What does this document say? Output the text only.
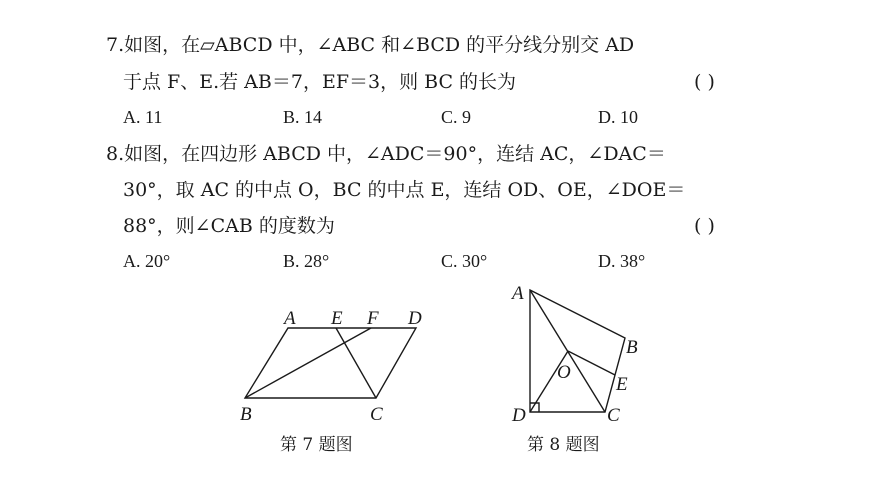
7.如图，在▱ABCD 中，∠ABC 和∠BCD 的平分线分别交 AD
于点 F、E.若 AB＝7，EF＝3，则 BC 的长为	( )
A. 11	B. 14	C. 9	D. 10
8.如图，在四边形 ABCD 中，∠ADC＝90°，连结 AC，∠DAC＝
30°，取 AC 的中点 O，BC 的中点 E，连结 OD、OE，∠DOE＝
88°，则∠CAB 的度数为	( )
A. 20°	B. 28°	C. 30°	D. 38°
A E F D
B	C
A
B
O
E
D	C
第 7 题图	第 8 题图
